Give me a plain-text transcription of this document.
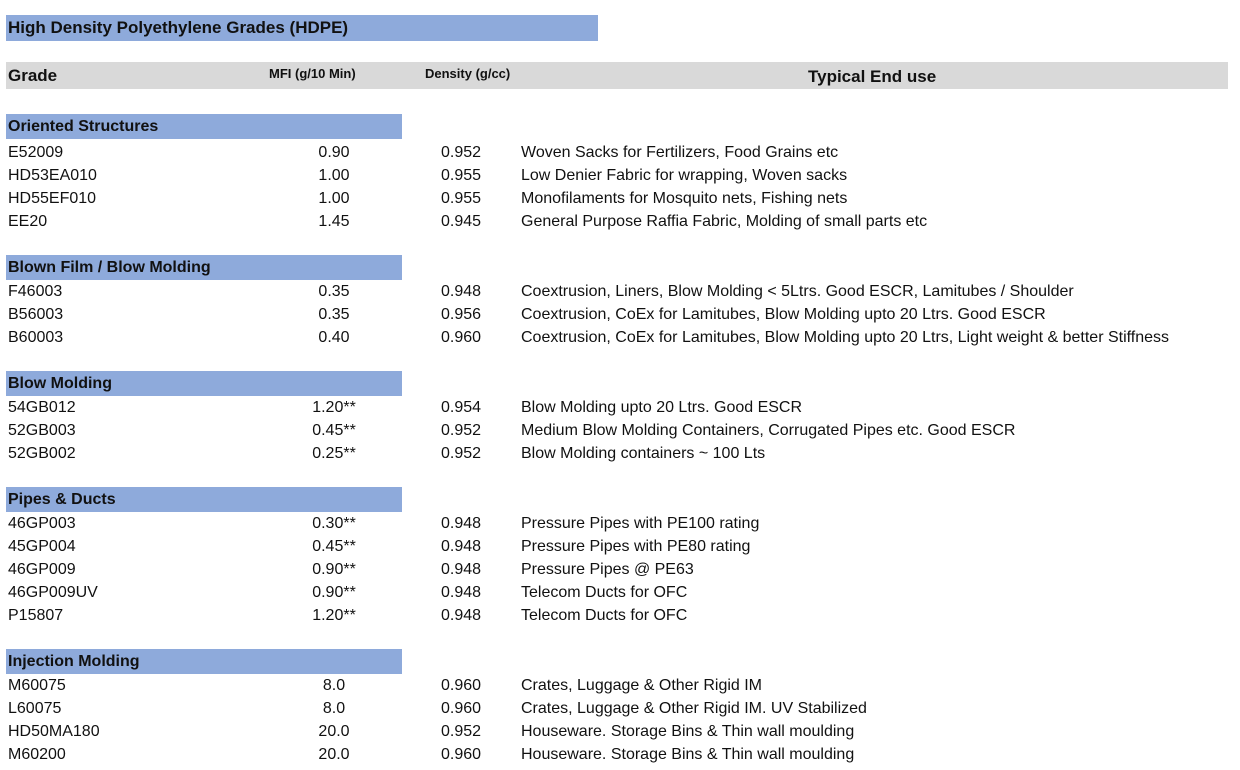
High Density Polyethylene Grades (HDPE)
Grade	MFI (g/10 Min)	Density (g/cc)	Typical End use
Oriented Structures
E52009	0.90	0.952	Woven Sacks for Fertilizers, Food Grains etc
HD53EA010	1.00	0.955	Low Denier Fabric for wrapping, Woven sacks
HD55EF010	1.00	0.955	Monofilaments for Mosquito nets, Fishing nets
EE20	1.45	0.945	General Purpose Raffia Fabric, Molding of small parts etc
Blown Film / Blow Molding
F46003	0.35	0.948	Coextrusion, Liners, Blow Molding < 5Ltrs. Good ESCR, Lamitubes / Shoulder
B56003	0.35	0.956	Coextrusion, CoEx for Lamitubes, Blow Molding upto 20 Ltrs. Good ESCR
B60003	0.40	0.960	Coextrusion, CoEx for Lamitubes, Blow Molding upto 20 Ltrs, Light weight & better Stiffness
Blow Molding
54GB012	1.20**	0.954	Blow Molding upto 20 Ltrs. Good ESCR
52GB003	0.45**	0.952	Medium Blow Molding Containers, Corrugated Pipes etc. Good ESCR
52GB002	0.25**	0.952	Blow Molding containers ~ 100 Lts
Pipes & Ducts
46GP003	0.30**	0.948	Pressure Pipes with PE100 rating
45GP004	0.45**	0.948	Pressure Pipes with PE80 rating
46GP009	0.90**	0.948	Pressure Pipes @ PE63
46GP009UV	0.90**	0.948	Telecom Ducts for OFC
P15807	1.20**	0.948	Telecom Ducts for OFC
Injection Molding
M60075	8.0	0.960	Crates, Luggage & Other Rigid IM
L60075	8.0	0.960	Crates, Luggage & Other Rigid IM. UV Stabilized
HD50MA180	20.0	0.952	Houseware. Storage Bins & Thin wall moulding
M60200	20.0	0.960	Houseware. Storage Bins & Thin wall moulding
